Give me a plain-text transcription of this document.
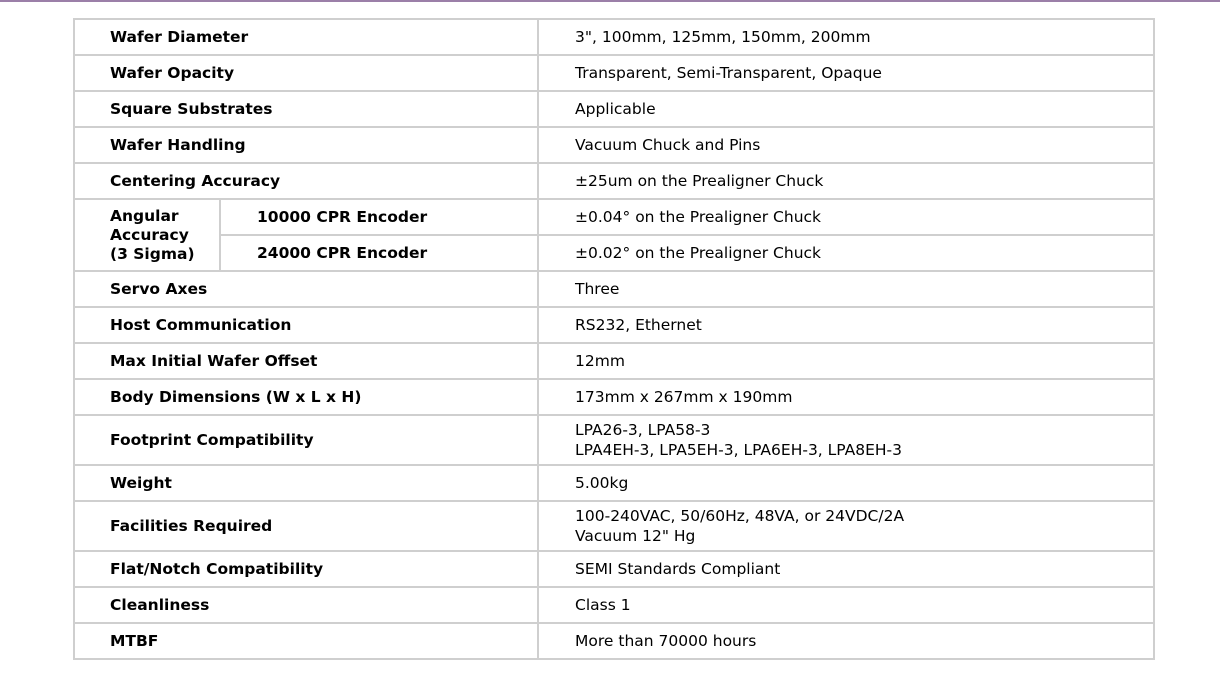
Wafer Diameter		3", 100mm, 125mm, 150mm, 200mm
Wafer Opacity		Transparent, Semi-Transparent, Opaque
Square Substrates		Applicable
Wafer Handling		Vacuum Chuck and Pins
Centering Accuracy		±25um on the Prealigner Chuck

Angular
Accuracy
(3 Sigma)	10000 CPR Encoder	±0.04° on the Prealigner Chuck
	24000 CPR Encoder	±0.02° on the Prealigner Chuck
Servo Axes		Three
Host Communication		RS232, Ethernet
Max Initial Wafer Offset		12mm
Body Dimensions (W x L x H)		173mm x 267mm x 190mm
Footprint Compatibility		LPA26-3, LPA58-3
LPA4EH-3, LPA5EH-3, LPA6EH-3, LPA8EH-3

Weight		5.00kg
Facilities Required		100-240VAC, 50/60Hz, 48VA, or 24VDC/2A
Vacuum 12" Hg

Flat/Notch Compatibility		SEMI Standards Compliant
Cleanliness		Class 1
MTBF		More than 70000 hours
